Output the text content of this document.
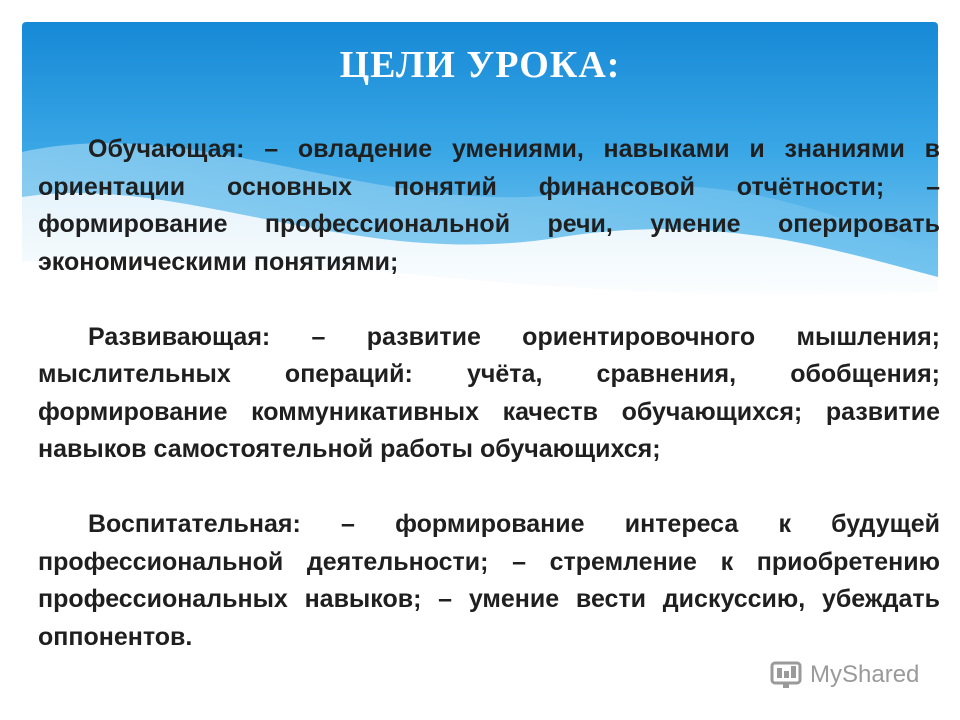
ЦЕЛИ УРОКА:

Обучающая: – овладение умениями, навыками и знаниями в ориентации основных понятий финансовой отчётности; – формирование профессиональной речи, умение оперировать экономическими понятиями;

Развивающая: – развитие ориентировочного мышления; мыслительных операций: учёта, сравнения, обобщения; формирование коммуникативных качеств обучающихся; развитие навыков самостоятельной работы обучающихся;

Воспитательная: – формирование интереса к будущей профессиональной деятельности; – стремление к приобретению профессиональных навыков; – умение вести дискуссию, убеждать оппонентов.

MyShared
